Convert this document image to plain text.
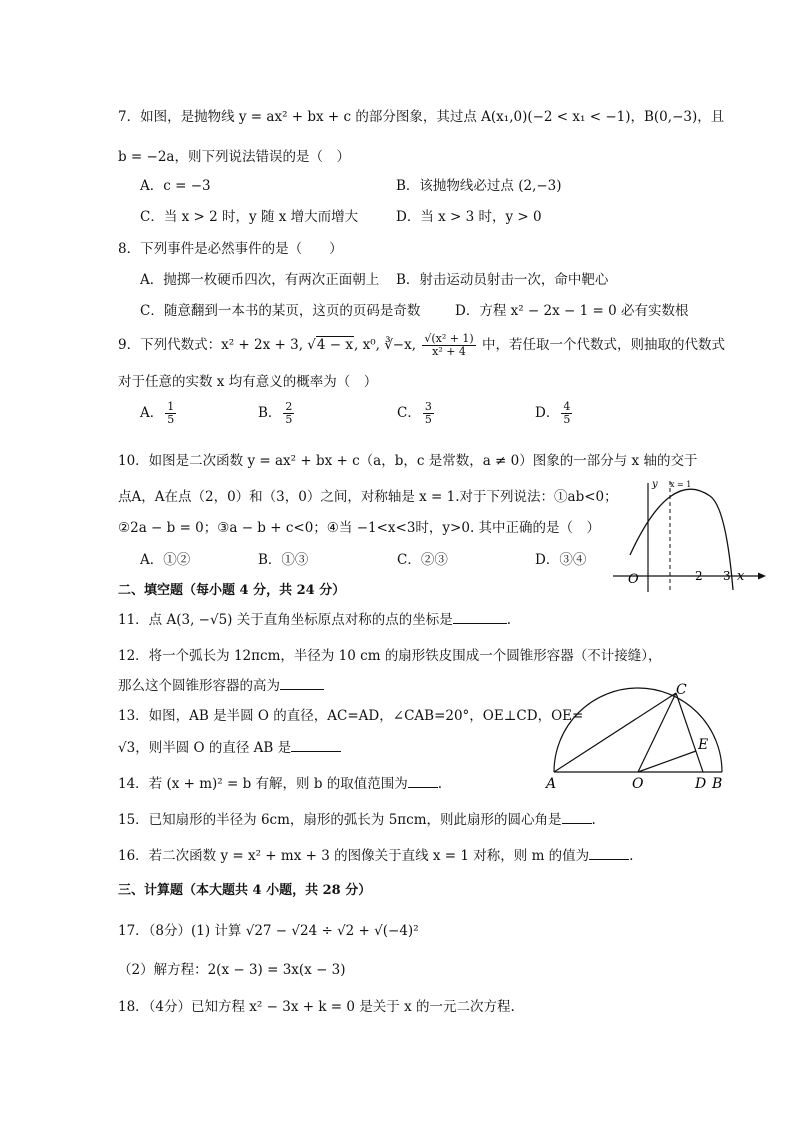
7．如图，是抛物线 y = ax² + bx + c 的部分图象，其过点 A(x₁,0)(−2 < x₁ < −1)，B(0,−3)，且
b = −2a，则下列说法错误的是（　）
A．c = −3	B．该抛物线必过点 (2,−3)
C．当 x > 2 时，y 随 x 增大而增大	D．当 x > 3 时，y > 0
8．下列事件是必然事件的是（　　）
A．抛掷一枚硬币四次，有两次正面朝上 B．射击运动员射击一次，命中靶心
C．随意翻到一本书的某页，这页的页码是奇数	D．方程 x² − 2x − 1 = 0 必有实数根
9．下列代数式：x² + 2x + 3, √4 − x, x⁰, ∛−x, $\frac{\text{√(x² + 1)}}{\text{x² + 4}}$ 中，若任取一个代数式，则抽取的代数式
对于任意的实数 x 均有意义的概率为（　）
A． $\frac{1}{5}$	B． $\frac{2}{5}$	C． $\frac{3}{5}$	D． $\frac{4}{5}$
10．如图是二次函数 y = ax² + bx + c（a，b，c 是常数，a ≠ 0）图象的一部分与 x 轴的交于
点A，A在点（2，0）和（3，0）之间，对称轴是 x = 1.对于下列说法：①ab<0；
②2a − b = 0；③a − b + c<0；④当 −1<x<3时，y>0. 其中正确的是（　）
A．①②	B．①③	C．②③	D．③④
O	2 3 x
y x = 1
二、填空题（每小题 4 分，共 24 分）
11．点 A(3, −√5) 关于直角坐标原点对称的点的坐标是	.
12．将一个弧长为 12πcm，半径为 10 cm 的扇形铁皮围成一个圆锥形容器（不计接缝），
那么这个圆锥形容器的高为
13．如图，AB 是半圆 O 的直径，AC=AD，∠CAB=20°，OE⊥CD，OE=
√3，则半圆 O 的直径 AB 是
A	O	D B
C
E
14．若 (x + m)² = b 有解，则 b 的取值范围为 .
15．已知扇形的半径为 6cm，扇形的弧长为 5πcm，则此扇形的圆心角是 .
16．若二次函数 y = x² + mx + 3 的图像关于直线 x = 1 对称，则 m 的值为	.
三、计算题（本大题共 4 小题，共 28 分）
17．（8分）(1) 计算 √27 − √24 ÷ √2 + √(−4)²
（2）解方程：2(x − 3) = 3x(x − 3)
18．（4分）已知方程 x² − 3x + k = 0 是关于 x 的一元二次方程.
